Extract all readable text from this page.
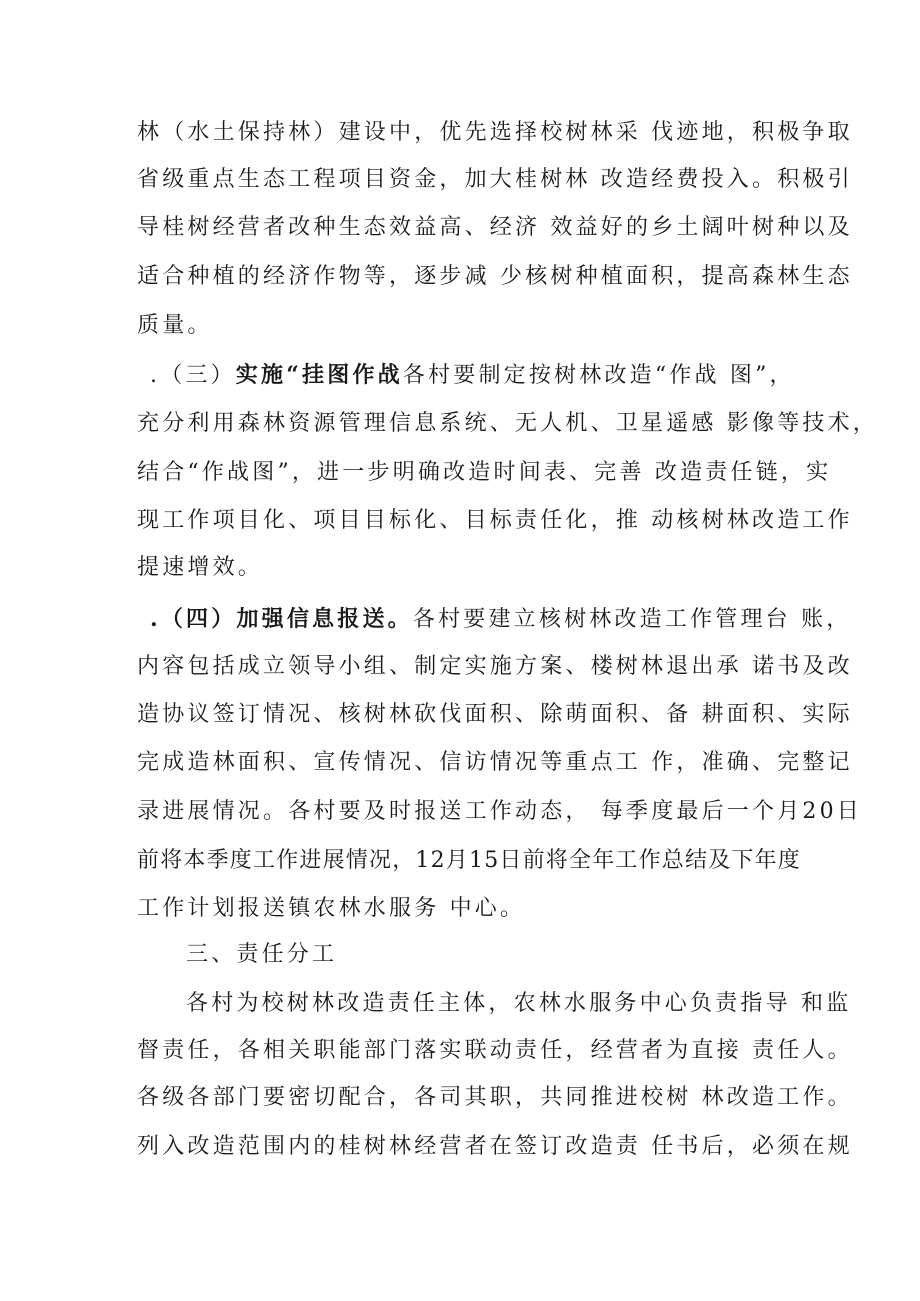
林（水土保持林）建设中，优先选择校树林采 伐迹地，积极争取

省级重点生态工程项目资金，加大桂树林 改造经费投入。积极引

导桂树经营者改种生态效益高、经济 效益好的乡土阔叶树种以及

适合种植的经济作物等，逐步减 少核树种植面积，提高森林生态

质量。

.（三）实施“挂图作战各村要制定按树林改造“作战 图”，

充分利用森林资源管理信息系统、无人机、卫星遥感 影像等技术，

结合“作战图”，进一步明确改造时间表、完善 改造责任链，实

现工作项目化、项目目标化、目标责任化，推 动核树林改造工作

提速增效。

.（四）加强信息报送。各村要建立核树林改造工作管理台 账，

内容包括成立领导小组、制定实施方案、楼树林退出承 诺书及改

造协议签订情况、核树林砍伐面积、除萌面积、备 耕面积、实际

完成造林面积、宣传情况、信访情况等重点工 作，准确、完整记

录进展情况。各村要及时报送工作动态， 每季度最后一个月20日

前将本季度工作进展情况，12月15日前将全年工作总结及下年度

工作计划报送镇农林水服务 中心。

三、责任分工

各村为校树林改造责任主体，农林水服务中心负责指导 和监

督责任，各相关职能部门落实联动责任，经营者为直接 责任人。

各级各部门要密切配合，各司其职，共同推进校树 林改造工作。

列入改造范围内的桂树林经营者在签订改造责 任书后，必须在规
